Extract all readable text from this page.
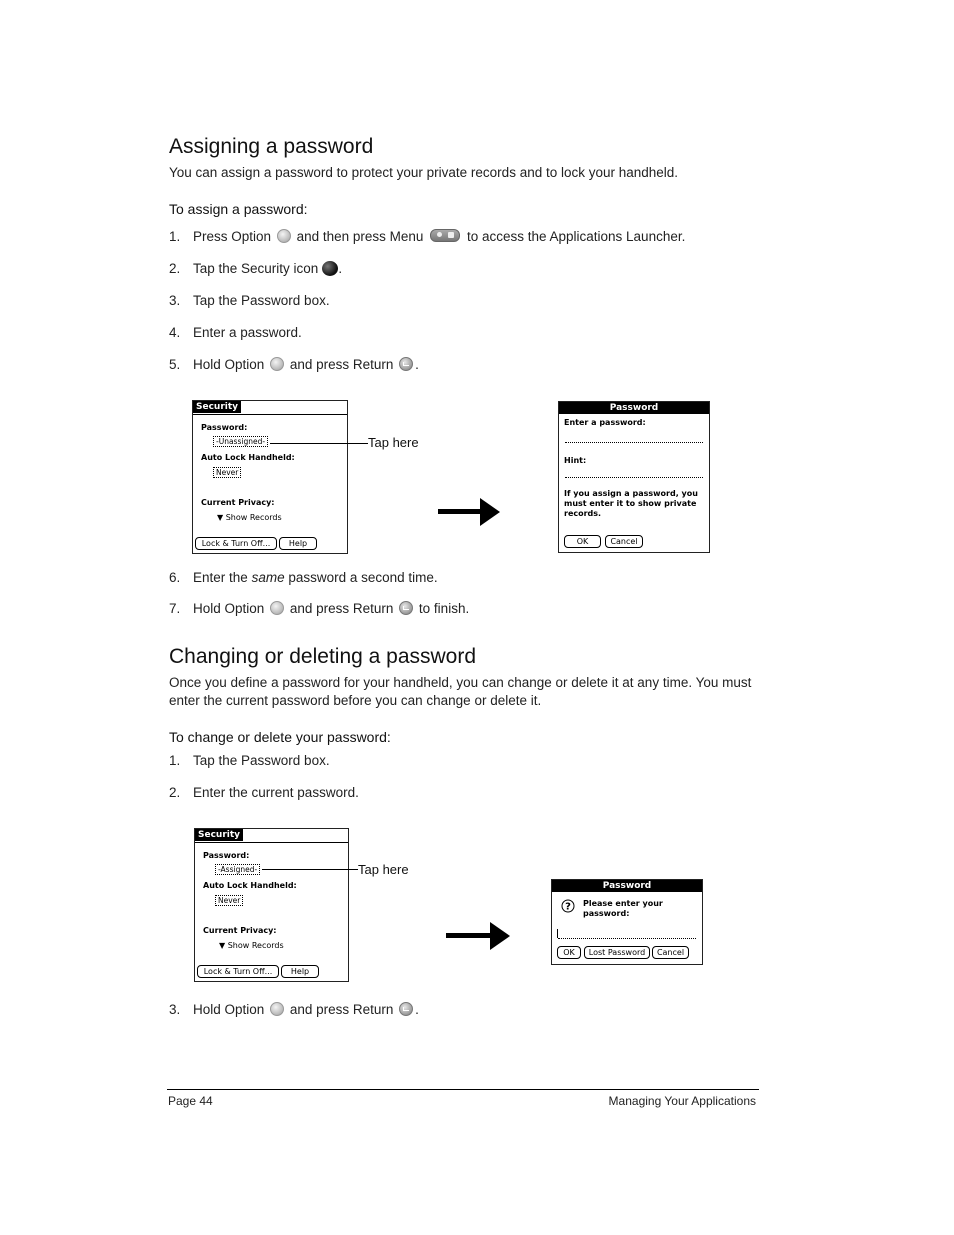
Assigning a password
You can assign a password to protect your private records and to lock your handheld.
To assign a password:
1. Press Option and then press Menu	to access the Applications Launcher.
2. Tap the Security icon .
3. Tap the Password box.
4. Enter a password.
5. Hold Option and press Return .
Security
Password:
-Unassigned-
Auto Lock Handheld:
Never
Current Privacy:
▼ Show Records
Lock & Turn Off...	Help
Tap here
Password
Enter a password:
Hint:
If you assign a password, you must enter it to show private records.
OK	Cancel
6. Enter the same password a second time.
7. Hold Option and press Return to finish.
Changing or deleting a password
Once you define a password for your handheld, you can change or delete it at any time. You must enter the current password before you can change or delete it.
To change or delete your password:
1. Tap the Password box.
2. Enter the current password.
Security
Password:
-Assigned-
Auto Lock Handheld:
Never
Current Privacy:
▼ Show Records
Lock & Turn Off...	Help
Tap here
Password
? Please enter your password:
OK	Lost Password	Cancel
3. Hold Option and press Return .
Page 44	Managing Your Applications
